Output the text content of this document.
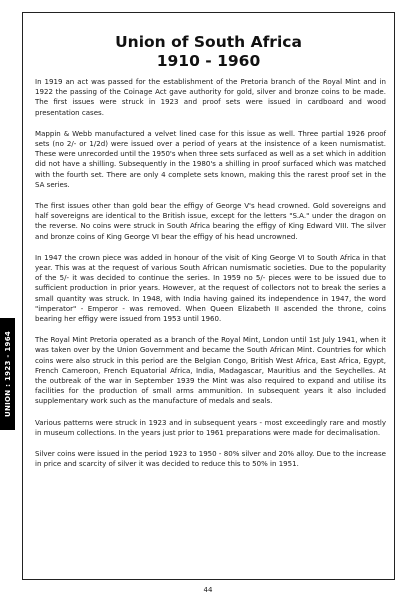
UNION : 1923 - 1964
Union of South Africa
1910 - 1960

In 1919 an act was passed for the establishment of the Pretoria branch of the Royal Mint and in 1922 the passing of the Coinage Act gave authority for gold, silver and bronze coins to be made. The first issues were struck in 1923 and proof sets were issued in cardboard and wood presentation cases.

Mappin & Webb manufactured a velvet lined case for this issue as well. Three partial 1926 proof sets (no 2/- or 1/2d) were issued over a period of years at the insistence of a keen numismatist. These were unrecorded until the 1950's when three sets surfaced as well as a set which in addition did not have a shilling. Subsequently in the 1980's a shilling in proof surfaced which was matched with the fourth set. There are only 4 complete sets known, making this the rarest proof set in the SA series.

The first issues other than gold bear the effigy of George V's head crowned. Gold sovereigns and half sovereigns are identical to the British issue, except for the letters "S.A." under the dragon on the reverse. No coins were struck in South Africa bearing the effigy of King Edward VIII. The silver and bronze coins of King George VI bear the effigy of his head uncrowned.

In 1947 the crown piece was added in honour of the visit of King George VI to South Africa in that year. This was at the request of various South African numismatic societies. Due to the popularity of the 5/- it was decided to continue the series. In 1959 no 5/- pieces were to be issued due to sufficient production in prior years. However, at the request of collectors not to break the series a small quantity was struck. In 1948, with India having gained its independence in 1947, the word "imperator" - Emperor - was removed. When Queen Elizabeth II ascended the throne, coins bearing her effigy were issued from 1953 until 1960.

The Royal Mint Pretoria operated as a branch of the Royal Mint, London until 1st July 1941, when it was taken over by the Union Government and became the South African Mint. Countries for which coins were also struck in this period are the Belgian Congo, British West Africa, East Africa, Egypt, French Cameroon, French Equatorial Africa, India, Madagascar, Mauritius and the Seychelles. At the outbreak of the war in September 1939 the Mint was also required to expand and utilise its facilities for the production of small arms ammunition. In subsequent years it also included supplementary work such as the manufacture of medals and seals.

Various patterns were struck in 1923 and in subsequent years - most exceedingly rare and mostly in museum collections. In the years just prior to 1961 preparations were made for decimalisation.

Silver coins were issued in the period 1923 to 1950 - 80% silver and 20% alloy. Due to the increase in price and scarcity of silver it was decided to reduce this to 50% in 1951.

44
